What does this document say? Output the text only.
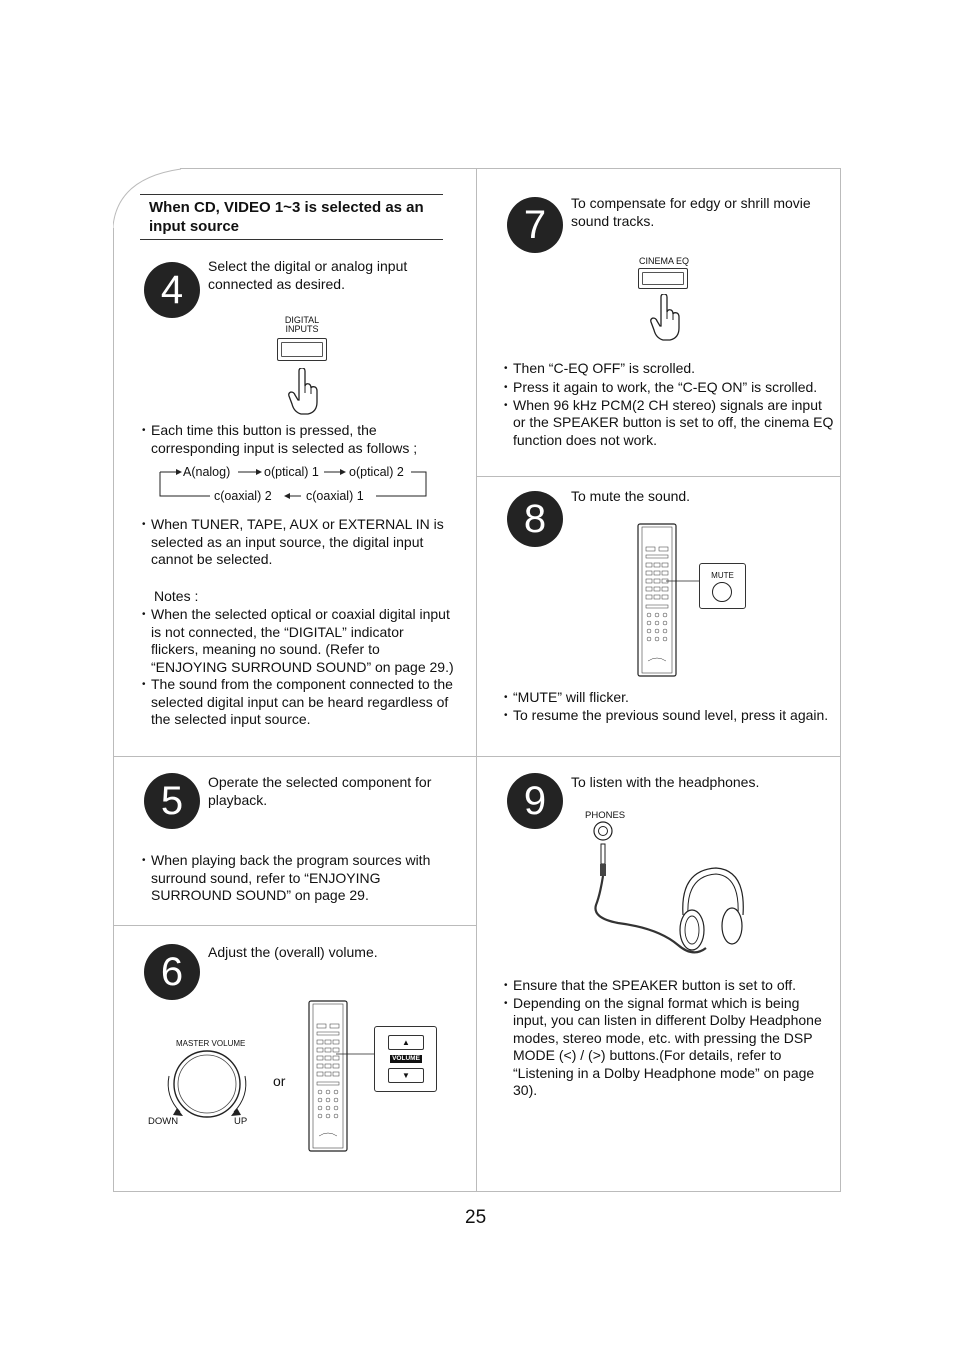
When CD, VIDEO 1~3 is selected as an input source
4
Select the digital or analog input connected as desired.
DIGITAL
INPUTS
• Each time this button is pressed, the corresponding input is selected as follows ;
A(nalog)	o(ptical) 1 o(ptical) 2
c(oaxial) 1
c(oaxial) 2
• When TUNER, TAPE, AUX or EXTERNAL IN is selected as an input source, the digital input cannot be selected.
Notes :
• When the selected optical or coaxial digital input is not connected, the “DIGITAL” indicator flickers, meaning no sound. (Refer to “ENJOYING SURROUND SOUND” on page 29.)
• The sound from the component connected to the selected digital input can be heard regardless of the selected input source.
5	Operate the selected component for playback.
• When playing back the program sources with surround sound, refer to “ENJOYING SURROUND SOUND” on page 29.
6	Adjust the (overall) volume.
MASTER VOLUME
DOWN	UP
or
▲
VOLUME
▼
7	To compensate for edgy or shrill movie sound tracks.
CINEMA EQ
• Then “C-EQ OFF” is scrolled.
• Press it again to work, the “C-EQ ON” is scrolled.
• When 96 kHz PCM(2 CH stereo) signals are input or the SPEAKER button is set to off, the cinema EQ function does not work.
8
To mute the sound.
MUTE
• “MUTE” will flicker.
• To resume the previous sound level, press it again.
9	To listen with the headphones.
PHONES
• Ensure that the SPEAKER button is set to off.
• Depending on the signal format which is being input, you can listen in different Dolby Headphone modes, stereo mode, etc. with pressing the DSP MODE (<) / (>) buttons.(For details, refer to “Listening in a Dolby Headphone mode” on page 30).
25
